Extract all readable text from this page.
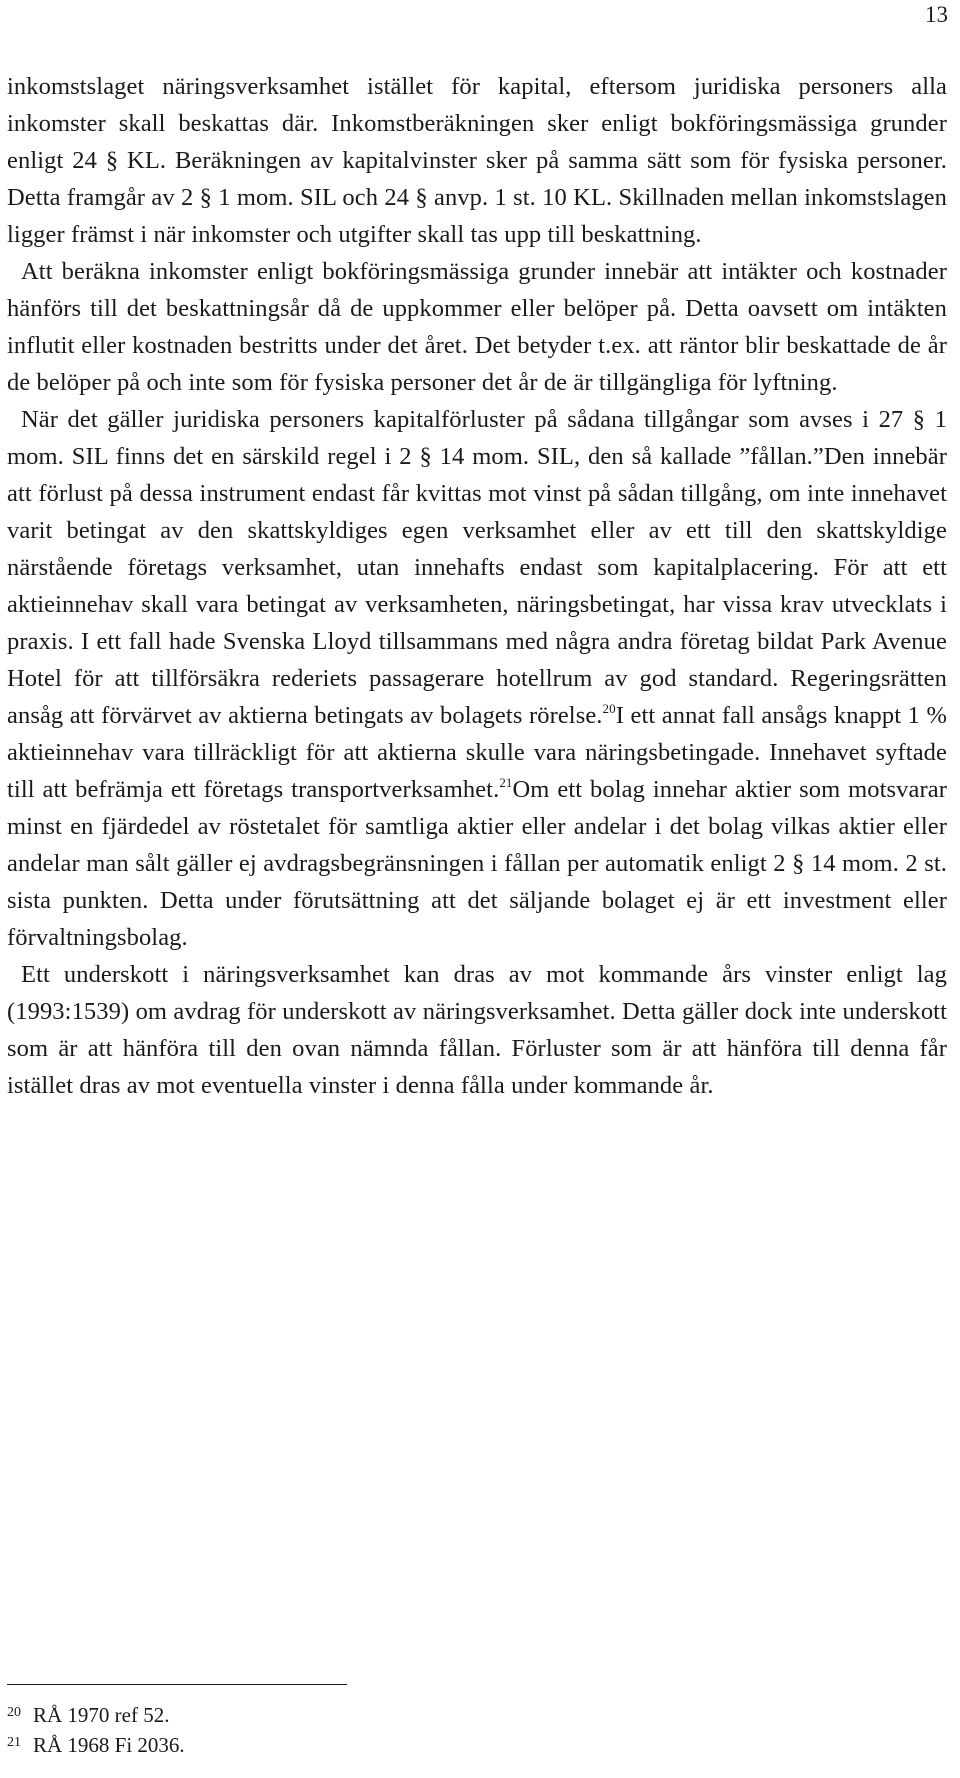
13

inkomstslaget näringsverksamhet istället för kapital, eftersom juridiska personers alla inkomster skall beskattas där. Inkomstberäkningen sker enligt bokföringsmässiga grunder enligt 24 § KL. Beräkningen av kapitalvinster sker på samma sätt som för fysiska personer. Detta framgår av 2 § 1 mom. SIL och 24 § anvp. 1 st. 10 KL. Skillnaden mellan inkomstslagen ligger främst i när inkomster och utgifter skall tas upp till beskattning.

Att beräkna inkomster enligt bokföringsmässiga grunder innebär att intäkter och kostnader hänförs till det beskattningsår då de uppkommer eller belöper på. Detta oavsett om intäkten influtit eller kostnaden bestritts under det året. Det betyder t.ex. att räntor blir beskattade de år de belöper på och inte som för fysiska personer det år de är tillgängliga för lyftning.

När det gäller juridiska personers kapitalförluster på sådana tillgångar som avses i 27 § 1 mom. SIL finns det en särskild regel i 2 § 14 mom. SIL, den så kallade ”fållan.”Den innebär att förlust på dessa instrument endast får kvittas mot vinst på sådan tillgång, om inte innehavet varit betingat av den skattskyldiges egen verksamhet eller av ett till den skattskyldige närstående företags verksamhet, utan innehafts endast som kapitalplacering. För att ett aktieinnehav skall vara betingat av verksamheten, näringsbetingat, har vissa krav utvecklats i praxis. I ett fall hade Svenska Lloyd tillsammans med några andra företag bildat Park Avenue Hotel för att tillförsäkra rederiets passagerare hotellrum av god standard. Regeringsrätten ansåg att förvärvet av aktierna betingats av bolagets rörelse.$^{20}$I ett annat fall ansågs knappt 1 % aktieinnehav vara tillräckligt för att aktierna skulle vara näringsbetingade. Innehavet syftade till att befrämja ett företags transportverksamhet.$^{21}$Om ett bolag innehar aktier som motsvarar minst en fjärdedel av röstetalet för samtliga aktier eller andelar i det bolag vilkas aktier eller andelar man sålt gäller ej avdragsbegränsningen i fållan per automatik enligt 2 § 14 mom. 2 st. sista punkten. Detta under förutsättning att det säljande bolaget ej är ett investment eller förvaltningsbolag.

Ett underskott i näringsverksamhet kan dras av mot kommande års vinster enligt lag (1993:1539) om avdrag för underskott av näringsverksamhet. Detta gäller dock inte underskott som är att hänföra till den ovan nämnda fållan. Förluster som är att hänföra till denna får istället dras av mot eventuella vinster i denna fålla under kommande år.

20 RÅ 1970 ref 52.
21 RÅ 1968 Fi 2036.
